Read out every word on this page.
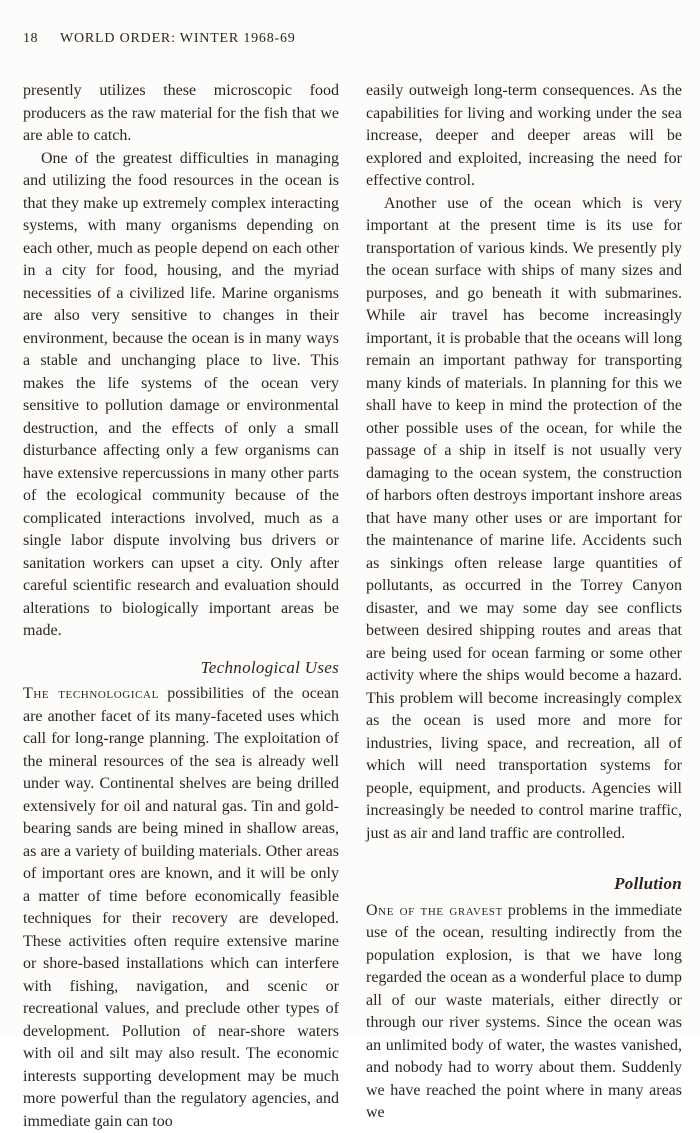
18 WORLD ORDER: WINTER 1968-69

presently utilizes these microscopic food producers as the raw material for the fish that we are able to catch.

One of the greatest difficulties in managing and utilizing the food resources in the ocean is that they make up extremely complex interacting systems, with many organisms depending on each other, much as people depend on each other in a city for food, housing, and the myriad necessities of a civilized life. Marine organisms are also very sensitive to changes in their environment, because the ocean is in many ways a stable and unchanging place to live. This makes the life systems of the ocean very sensitive to pollution damage or environmental destruction, and the effects of only a small disturbance affecting only a few organisms can have extensive repercussions in many other parts of the ecological community because of the complicated interactions involved, much as a single labor dispute involving bus drivers or sanitation workers can upset a city. Only after careful scientific research and evaluation should alterations to biologically important areas be made.

Technological Uses

The technological possibilities of the ocean are another facet of its many-faceted uses which call for long-range planning. The exploitation of the mineral resources of the sea is already well under way. Continental shelves are being drilled extensively for oil and natural gas. Tin and gold-bearing sands are being mined in shallow areas, as are a variety of building materials. Other areas of important ores are known, and it will be only a matter of time before economically feasible techniques for their recovery are developed. These activities often require extensive marine or shore-based installations which can interfere with fishing, navigation, and scenic or recreational values, and preclude other types of development. Pollution of near-shore waters with oil and silt may also result. The economic interests supporting development may be much more powerful than the regulatory agencies, and immediate gain can too

easily outweigh long-term consequences. As the capabilities for living and working under the sea increase, deeper and deeper areas will be explored and exploited, increasing the need for effective control.

Another use of the ocean which is very important at the present time is its use for transportation of various kinds. We presently ply the ocean surface with ships of many sizes and purposes, and go beneath it with submarines. While air travel has become increasingly important, it is probable that the oceans will long remain an important pathway for transporting many kinds of materials. In planning for this we shall have to keep in mind the protection of the other possible uses of the ocean, for while the passage of a ship in itself is not usually very damaging to the ocean system, the construction of harbors often destroys important inshore areas that have many other uses or are important for the maintenance of marine life. Accidents such as sinkings often release large quantities of pollutants, as occurred in the Torrey Canyon disaster, and we may some day see conflicts between desired shipping routes and areas that are being used for ocean farming or some other activity where the ships would become a hazard. This problem will become increasingly complex as the ocean is used more and more for industries, living space, and recreation, all of which will need transportation systems for people, equipment, and products. Agencies will increasingly be needed to control marine traffic, just as air and land traffic are controlled.

Pollution

One of the gravest problems in the immediate use of the ocean, resulting indirectly from the population explosion, is that we have long regarded the ocean as a wonderful place to dump all of our waste materials, either directly or through our river systems. Since the ocean was an unlimited body of water, the wastes vanished, and nobody had to worry about them. Suddenly we have reached the point where in many areas we
